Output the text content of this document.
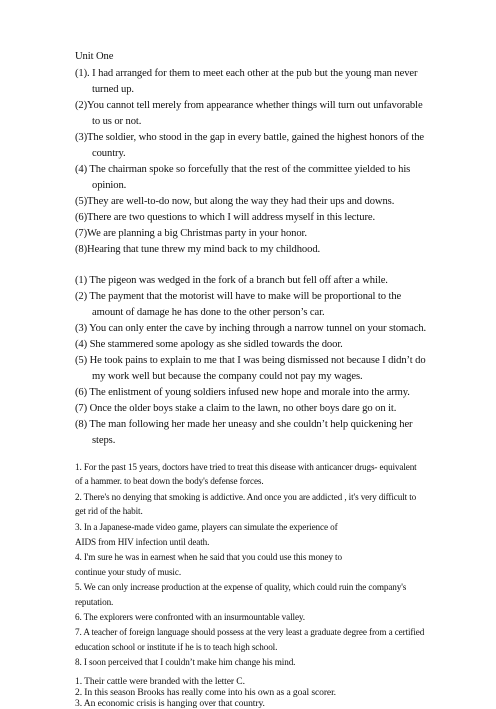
Unit One
(1). I had arranged for them to meet each other at the pub but the young man never
turned up.
(2)You cannot tell merely from appearance whether things will turn out unfavorable
to us or not.
(3)The soldier, who stood in the gap in every battle, gained the highest honors of the
country.
(4) The chairman spoke so forcefully that the rest of the committee yielded to his
opinion.
(5)They are well-to-do now, but along the way they had their ups and downs.
(6)There are two questions to which I will address myself in this lecture.
(7)We are planning a big Christmas party in your honor.
(8)Hearing that tune threw my mind back to my childhood.
(1) The pigeon was wedged in the fork of a branch but fell off after a while.
(2) The payment that the motorist will have to make will be proportional to the
amount of damage he has done to the other person’s car.
(3) You can only enter the cave by inching through a narrow tunnel on your stomach.
(4) She stammered some apology as she sidled towards the door.
(5) He took pains to explain to me that I was being dismissed not because I didn’t do
my work well but because the company could not pay my wages.
(6) The enlistment of young soldiers infused new hope and morale into the army.
(7) Once the older boys stake a claim to the lawn, no other boys dare go on it.
(8) The man following her made her uneasy and she couldn’t help quickening her
steps.
1. For the past 15 years, doctors have tried to treat this disease with anticancer drugs- equivalent
of a hammer. to beat down the body's defense forces.
2. There's no denying that smoking is addictive. And once you are addicted , it's very difficult to
get rid of the habit.
3. In a Japanese-made video game, players can simulate the experience of
AIDS from HIV infection until death.
4. I'm sure he was in earnest when he said that you could use this money to
continue your study of music.
5. We can only increase production at the expense of quality, which could ruin the company's
reputation.
6. The explorers were confronted with an insurmountable valley.
7. A teacher of foreign language should possess at the very least a graduate degree from a certified
education school or institute if he is to teach high school.
8. I soon perceived that I couldn’t make him change his mind.
1. Their cattle were branded with the letter C.
2. In this season Brooks has really come into his own as a goal scorer.
3. An economic crisis is hanging over that country.
